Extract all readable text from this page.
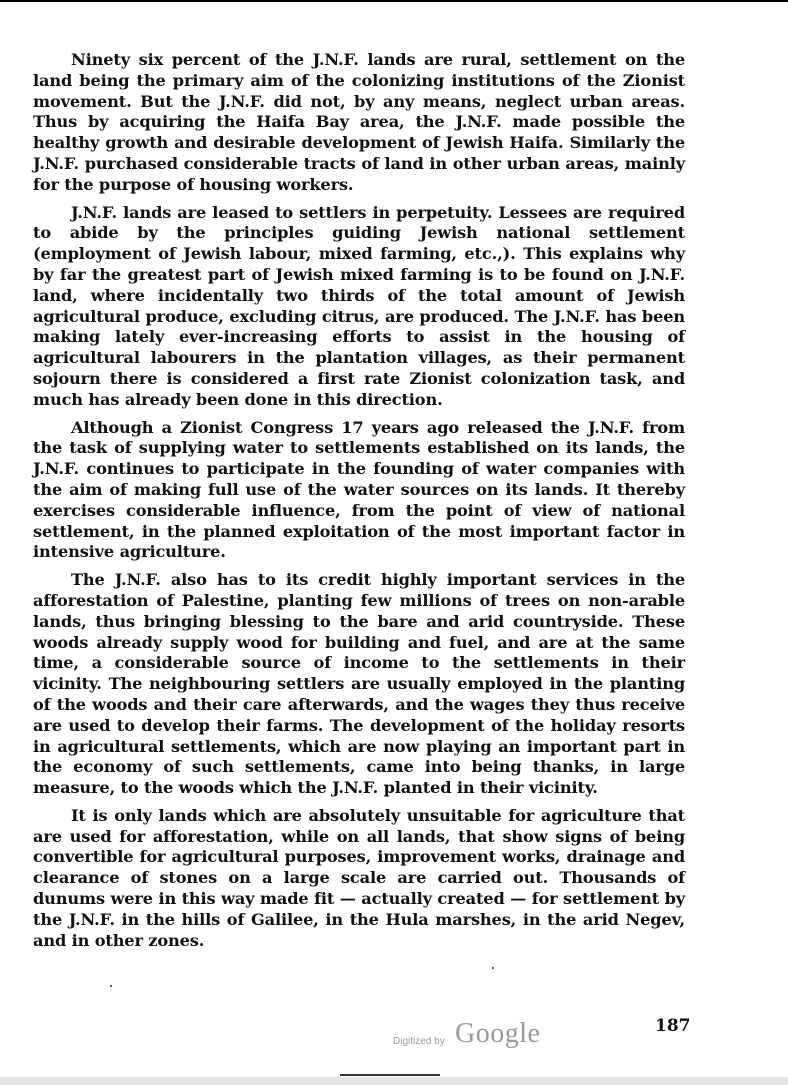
Ninety six percent of the J.N.F. lands are rural, settlement on the land being the primary aim of the colonizing institutions of the Zionist movement. But the J.N.F. did not, by any means, neglect urban areas. Thus by acquiring the Haifa Bay area, the J.N.F. made possible the healthy growth and desirable development of Jewish Haifa. Similarly the J.N.F. purchased considerable tracts of land in other urban areas, mainly for the purpose of housing workers.

J.N.F. lands are leased to settlers in perpetuity. Lessees are required to abide by the principles guiding Jewish national settlement (employment of Jewish labour, mixed farming, etc.,). This explains why by far the greatest part of Jewish mixed farming is to be found on J.N.F. land, where incidentally two thirds of the total amount of Jewish agricultural produce, excluding citrus, are produced. The J.N.F. has been making lately ever-increasing efforts to assist in the housing of agricultural labourers in the plantation villages, as their permanent sojourn there is considered a first rate Zionist colonization task, and much has already been done in this direction.

Although a Zionist Congress 17 years ago released the J.N.F. from the task of supplying water to settlements established on its lands, the J.N.F. continues to participate in the founding of water companies with the aim of making full use of the water sources on its lands. It thereby exercises considerable influence, from the point of view of national settlement, in the planned exploitation of the most important factor in intensive agriculture.

The J.N.F. also has to its credit highly important services in the afforestation of Palestine, planting few millions of trees on non-arable lands, thus bringing blessing to the bare and arid countryside. These woods already supply wood for building and fuel, and are at the same time, a considerable source of income to the settlements in their vicinity. The neighbouring settlers are usually employed in the planting of the woods and their care afterwards, and the wages they thus receive are used to develop their farms. The development of the holiday resorts in agricultural settlements, which are now playing an important part in the economy of such settlements, came into being thanks, in large measure, to the woods which the J.N.F. planted in their vicinity.

It is only lands which are absolutely unsuitable for agriculture that are used for afforestation, while on all lands, that show signs of being convertible for agricultural purposes, improvement works, drainage and clearance of stones on a large scale are carried out. Thousands of dunums were in this way made fit — actually created — for settlement by the J.N.F. in the hills of Galilee, in the Hula marshes, in the arid Negev, and in other zones.

Digitized by Google	187
